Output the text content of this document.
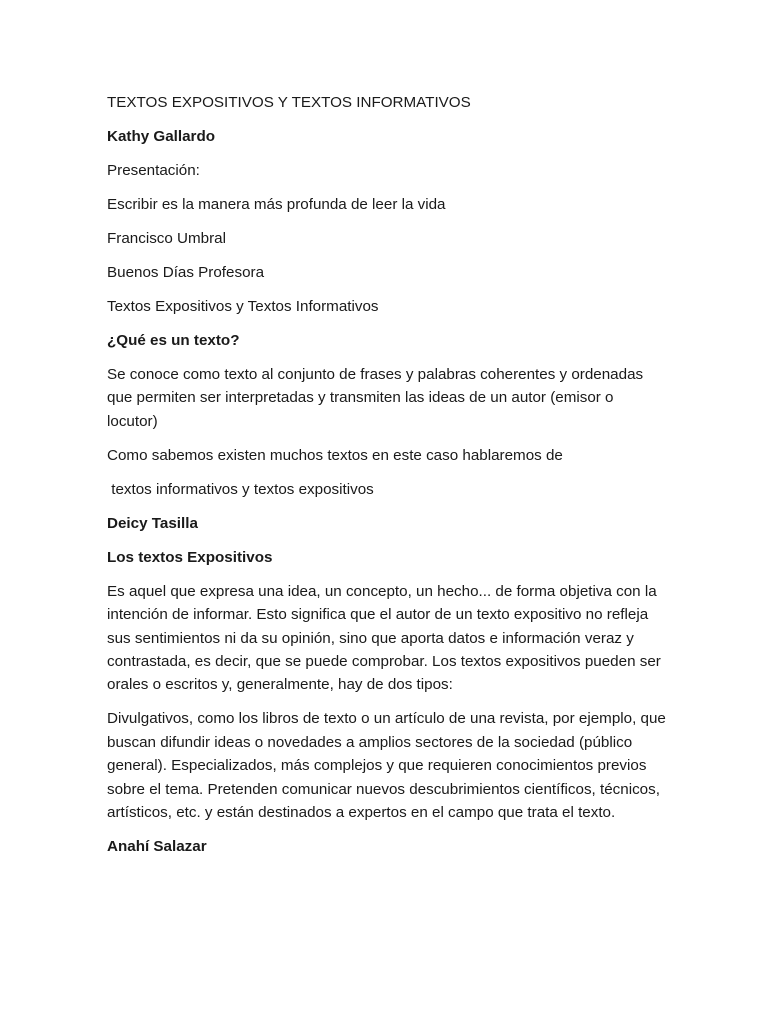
TEXTOS EXPOSITIVOS Y TEXTOS INFORMATIVOS

Kathy Gallardo

Presentación:

Escribir es la manera más profunda de leer la vida

Francisco Umbral

Buenos Días Profesora

Textos Expositivos y Textos Informativos

¿Qué es un texto?

Se conoce como texto al conjunto de frases y palabras coherentes y ordenadas que permiten ser interpretadas y transmiten las ideas de un autor (emisor o locutor)

Como sabemos existen muchos textos en este caso hablaremos de

textos informativos y textos expositivos

Deicy Tasilla

Los textos Expositivos

Es aquel que expresa una idea, un concepto, un hecho... de forma objetiva con la intención de informar. Esto significa que el autor de un texto expositivo no refleja sus sentimientos ni da su opinión, sino que aporta datos e información veraz y contrastada, es decir, que se puede comprobar. Los textos expositivos pueden ser orales o escritos y, generalmente, hay de dos tipos:

Divulgativos, como los libros de texto o un artículo de una revista, por ejemplo, que buscan difundir ideas o novedades a amplios sectores de la sociedad (público general). Especializados, más complejos y que requieren conocimientos previos sobre el tema. Pretenden comunicar nuevos descubrimientos científicos, técnicos, artísticos, etc. y están destinados a expertos en el campo que trata el texto.

Anahí Salazar
